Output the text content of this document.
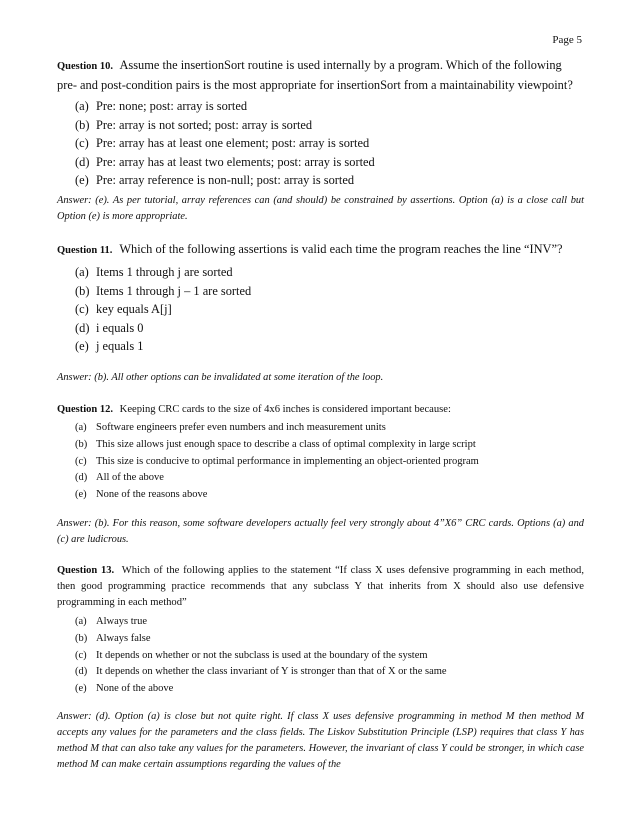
Page 5
Question 10. Assume the insertionSort routine is used internally by a program. Which of the following pre- and post-condition pairs is the most appropriate for insertionSort from a maintainability viewpoint?
(a) Pre: none; post: array is sorted
(b) Pre: array is not sorted; post: array is sorted
(c) Pre: array has at least one element; post: array is sorted
(d) Pre: array has at least two elements; post: array is sorted
(e) Pre: array reference is non-null; post: array is sorted
Answer: (e). As per tutorial, array references can (and should) be constrained by assertions. Option (a) is a close call but Option (e) is more appropriate.
Question 11. Which of the following assertions is valid each time the program reaches the line “INV”?
(a) Items 1 through j are sorted
(b) Items 1 through j – 1 are sorted
(c) key equals A[j]
(d) i equals 0
(e) j equals 1
Answer: (b). All other options can be invalidated at some iteration of the loop.
Question 12. Keeping CRC cards to the size of 4x6 inches is considered important because:
(a) Software engineers prefer even numbers and inch measurement units
(b) This size allows just enough space to describe a class of optimal complexity in large script
(c) This size is conducive to optimal performance in implementing an object-oriented program
(d) All of the above
(e) None of the reasons above
Answer: (b). For this reason, some software developers actually feel very strongly about 4”X6” CRC cards. Options (a) and (c) are ludicrous.
Question 13. Which of the following applies to the statement “If class X uses defensive programming in each method, then good programming practice recommends that any subclass Y that inherits from X should also use defensive programming in each method”
(a) Always true
(b) Always false
(c) It depends on whether or not the subclass is used at the boundary of the system
(d) It depends on whether the class invariant of Y is stronger than that of X or the same
(e) None of the above
Answer: (d). Option (a) is close but not quite right. If class X uses defensive programming in method M then method M accepts any values for the parameters and the class fields. The Liskov Substitution Principle (LSP) requires that class Y has method M that can also take any values for the parameters. However, the invariant of class Y could be stronger, in which case method M can make certain assumptions regarding the values of the
